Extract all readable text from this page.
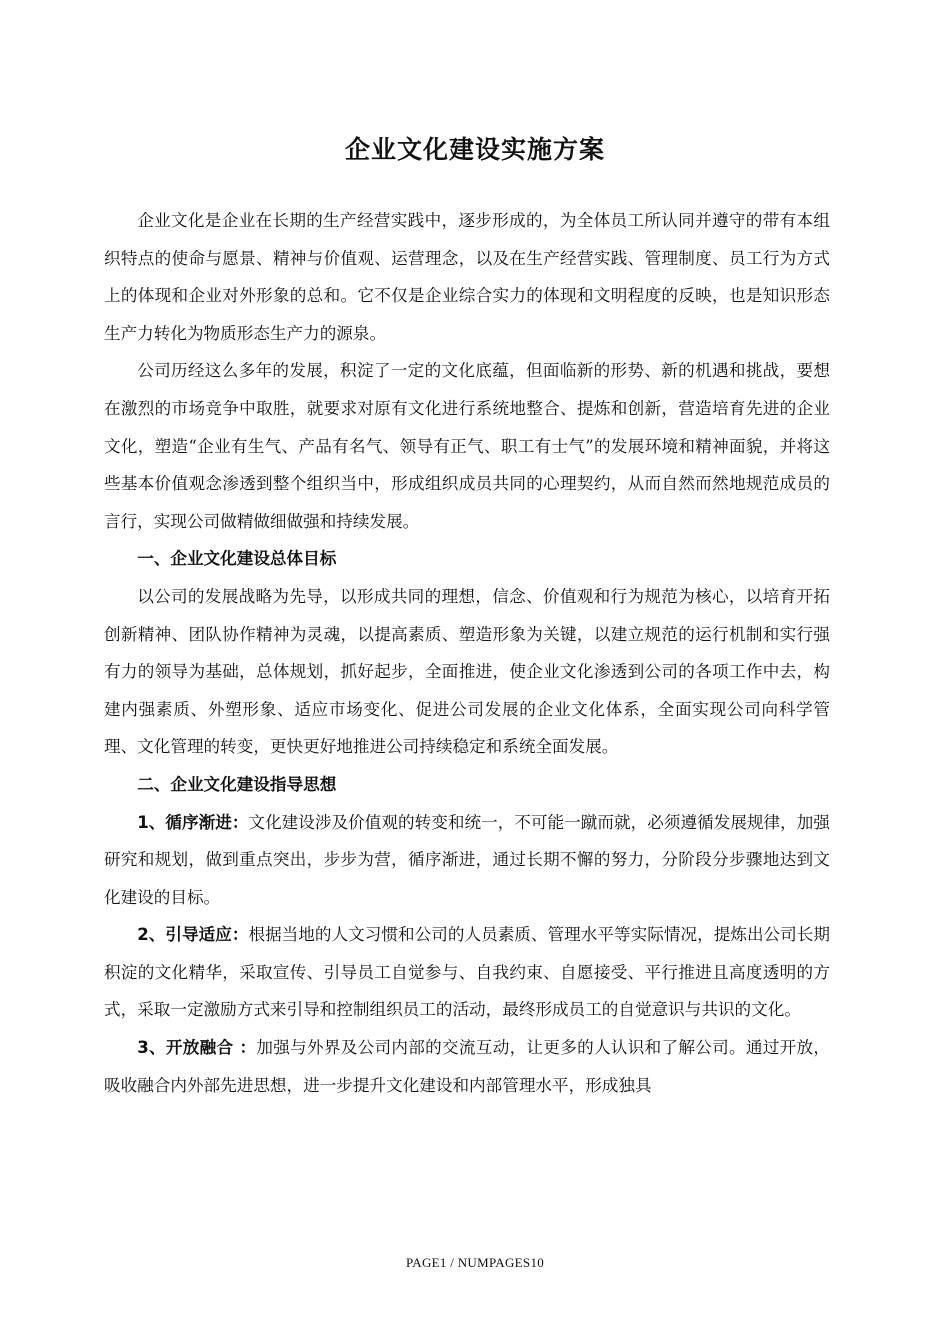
企业文化建设实施方案

企业文化是企业在长期的生产经营实践中，逐步形成的，为全体员工所认同并遵守的带有本组织特点的使命与愿景、精神与价值观、运营理念，以及在生产经营实践、管理制度、员工行为方式上的体现和企业对外形象的总和。它不仅是企业综合实力的体现和文明程度的反映，也是知识形态生产力转化为物质形态生产力的源泉。

公司历经这么多年的发展，积淀了一定的文化底蕴，但面临新的形势、新的机遇和挑战，要想在激烈的市场竞争中取胜，就要求对原有文化进行系统地整合、提炼和创新，营造培育先进的企业文化，塑造“企业有生气、产品有名气、领导有正气、职工有士气”的发展环境和精神面貌，并将这些基本价值观念渗透到整个组织当中，形成组织成员共同的心理契约，从而自然而然地规范成员的言行，实现公司做精做细做强和持续发展。

一、企业文化建设总体目标

以公司的发展战略为先导，以形成共同的理想，信念、价值观和行为规范为核心，以培育开拓创新精神、团队协作精神为灵魂，以提高素质、塑造形象为关键，以建立规范的运行机制和实行强有力的领导为基础，总体规划，抓好起步，全面推进，使企业文化渗透到公司的各项工作中去，构建内强素质、外塑形象、适应市场变化、促进公司发展的企业文化体系，全面实现公司向科学管理、文化管理的转变，更快更好地推进公司持续稳定和系统全面发展。

二、企业文化建设指导思想

1、循序渐进：文化建设涉及价值观的转变和统一，不可能一蹴而就，必须遵循发展规律，加强研究和规划，做到重点突出，步步为营，循序渐进，通过长期不懈的努力，分阶段分步骤地达到文化建设的目标。

2、引导适应：根据当地的人文习惯和公司的人员素质、管理水平等实际情况，提炼出公司长期积淀的文化精华，采取宣传、引导员工自觉参与、自我约束、自愿接受、平行推进且高度透明的方式，采取一定激励方式来引导和控制组织员工的活动，最终形成员工的自觉意识与共识的文化。

3、开放融合 ：加强与外界及公司内部的交流互动，让更多的人认识和了解公司。通过开放，吸收融合内外部先进思想，进一步提升文化建设和内部管理水平，形成独具

PAGE1 / NUMPAGES10
